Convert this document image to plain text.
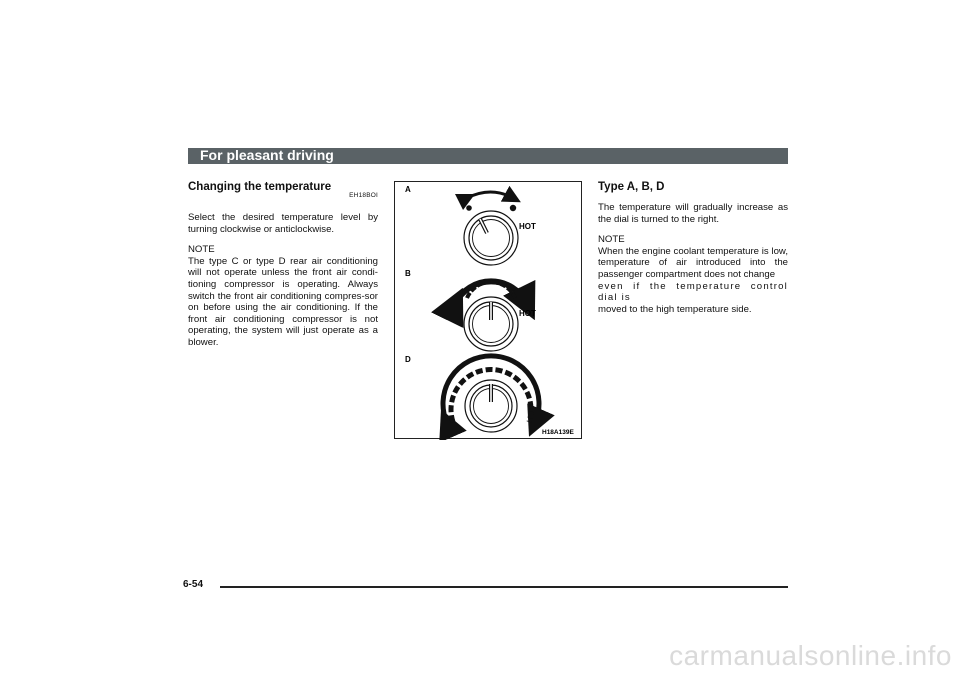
For pleasant driving
Changing the temperature
EH18BOI

Select the desired temperature level by turning clockwise or anticlockwise.

NOTE

The type C or type D rear air conditioning will not operate unless the front air condi-tioning compressor is operating. Always switch the front air conditioning compres-sor on before using the air conditioning. If the front air conditioning compressor is not operating, the system will just operate as a blower.

A
B
D
HOT
HOT
H18A139E
Type A, B, D

The temperature will gradually increase as the dial is turned to the right.

NOTE

When the engine coolant temperature is low, temperature of air introduced into the passenger compartment does not change

even if the temperature control dial is

moved to the high temperature side.

6-54
carmanualsonline.info
